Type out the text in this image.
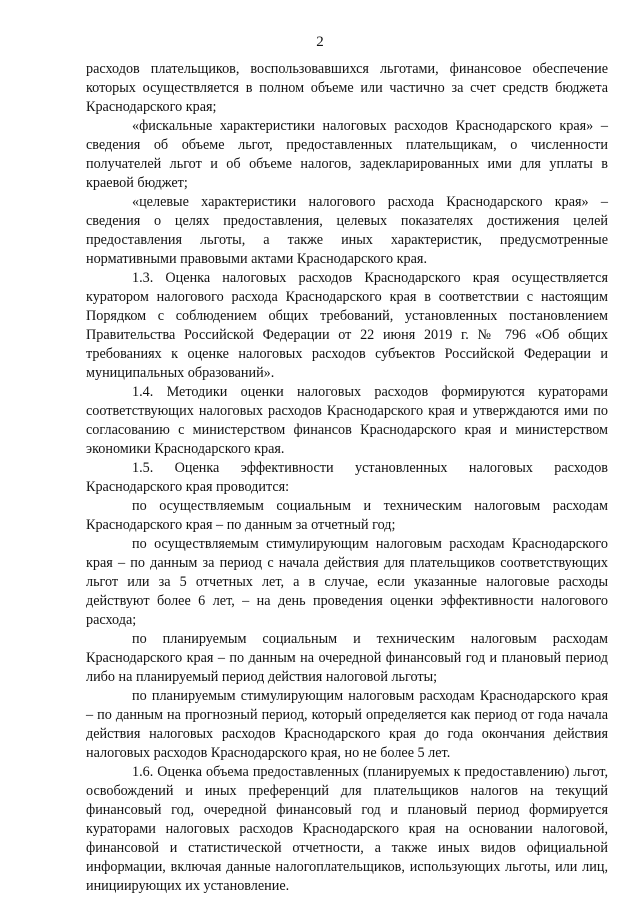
2

расходов плательщиков, воспользовавшихся льготами, финансовое обеспечение которых осуществляется в полном объеме или частично за счет средств бюджета Краснодарского края;

«фискальные характеристики налоговых расходов Краснодарского края» – сведения об объеме льгот, предоставленных плательщикам, о численности получателей льгот и об объеме налогов, задекларированных ими для уплаты в краевой бюджет;

«целевые характеристики налогового расхода Краснодарского края» – сведения о целях предоставления, целевых показателях достижения целей предоставления льготы, а также иных характеристик, предусмотренные нормативными правовыми актами Краснодарского края.

1.3. Оценка налоговых расходов Краснодарского края осуществляется куратором налогового расхода Краснодарского края в соответствии с настоящим Порядком с соблюдением общих требований, установленных постановлением Правительства Российской Федерации от 22 июня 2019 г. № 796 «Об общих требованиях к оценке налоговых расходов субъектов Российской Федерации и муниципальных образований».

1.4. Методики оценки налоговых расходов формируются кураторами соответствующих налоговых расходов Краснодарского края и утверждаются ими по согласованию с министерством финансов Краснодарского края и министерством экономики Краснодарского края.

1.5. Оценка эффективности установленных налоговых расходов Краснодарского края проводится:

по осуществляемым социальным и техническим налоговым расходам Краснодарского края – по данным за отчетный год;

по осуществляемым стимулирующим налоговым расходам Краснодарского края – по данным за период с начала действия для плательщиков соответствующих льгот или за 5 отчетных лет, а в случае, если указанные налоговые расходы действуют более 6 лет, – на день проведения оценки эффективности налогового расхода;

по планируемым социальным и техническим налоговым расходам Краснодарского края – по данным на очередной финансовый год и плановый период либо на планируемый период действия налоговой льготы;

по планируемым стимулирующим налоговым расходам Краснодарского края – по данным на прогнозный период, который определяется как период от года начала действия налоговых расходов Краснодарского края до года окончания действия налоговых расходов Краснодарского края, но не более 5 лет.

1.6. Оценка объема предоставленных (планируемых к предоставлению) льгот, освобождений и иных преференций для плательщиков налогов на текущий финансовый год, очередной финансовый год и плановый период формируется кураторами налоговых расходов Краснодарского края на основании налоговой, финансовой и статистической отчетности, а также иных видов официальной информации, включая данные налогоплательщиков, использующих льготы, или лиц, инициирующих их установление.
